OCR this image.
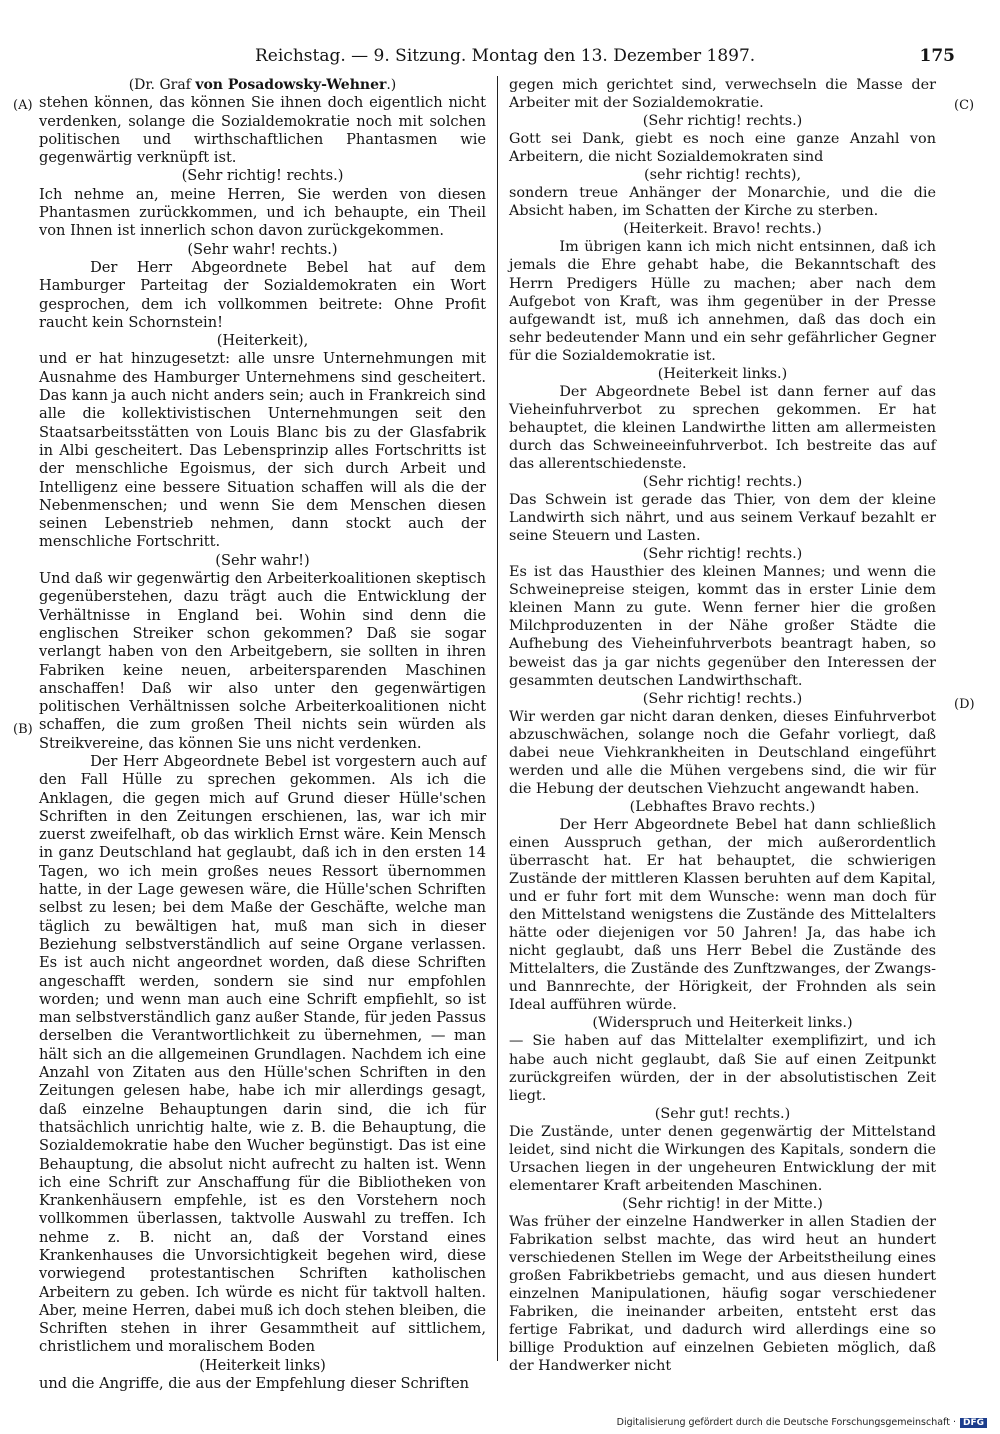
Reichstag. — 9. Sitzung. Montag den 13. Dezember 1897.	175
(A)
(B)
(C)
(D)
(Dr. Graf von Posadowsky-Wehner.)

stehen können, das können Sie ihnen doch eigentlich nicht verdenken, solange die Sozialdemokratie noch mit solchen politischen und wirthschaftlichen Phantasmen wie gegenwärtig verknüpft ist.

(Sehr richtig! rechts.)

Ich nehme an, meine Herren, Sie werden von diesen Phantasmen zurückkommen, und ich behaupte, ein Theil von Ihnen ist innerlich schon davon zurückgekommen.

(Sehr wahr! rechts.)

Der Herr Abgeordnete Bebel hat auf dem Hamburger Parteitag der Sozialdemokraten ein Wort gesprochen, dem ich vollkommen beitrete: Ohne Profit raucht kein Schornstein!

(Heiterkeit),

und er hat hinzugesetzt: alle unsre Unternehmungen mit Ausnahme des Hamburger Unternehmens sind gescheitert. Das kann ja auch nicht anders sein; auch in Frankreich sind alle die kollektivistischen Unternehmungen seit den Staatsarbeitsstätten von Louis Blanc bis zu der Glasfabrik in Albi gescheitert. Das Lebensprinzip alles Fortschritts ist der menschliche Egoismus, der sich durch Arbeit und Intelligenz eine bessere Situation schaffen will als die der Nebenmenschen; und wenn Sie dem Menschen diesen seinen Lebenstrieb nehmen, dann stockt auch der menschliche Fortschritt.

(Sehr wahr!)

Und daß wir gegenwärtig den Arbeiterkoalitionen skeptisch gegenüberstehen, dazu trägt auch die Entwicklung der Verhältnisse in England bei. Wohin sind denn die englischen Streiker schon gekommen? Daß sie sogar verlangt haben von den Arbeitgebern, sie sollten in ihren Fabriken keine neuen, arbeitersparenden Maschinen anschaffen! Daß wir also unter den gegenwärtigen politischen Verhältnissen solche Arbeiterkoalitionen nicht schaffen, die zum großen Theil nichts sein würden als Streikvereine, das können Sie uns nicht verdenken.

Der Herr Abgeordnete Bebel ist vorgestern auch auf den Fall Hülle zu sprechen gekommen. Als ich die Anklagen, die gegen mich auf Grund dieser Hülle'schen Schriften in den Zeitungen erschienen, las, war ich mir zuerst zweifelhaft, ob das wirklich Ernst wäre. Kein Mensch in ganz Deutschland hat geglaubt, daß ich in den ersten 14 Tagen, wo ich mein großes neues Ressort übernommen hatte, in der Lage gewesen wäre, die Hülle'schen Schriften selbst zu lesen; bei dem Maße der Geschäfte, welche man täglich zu bewältigen hat, muß man sich in dieser Beziehung selbstverständlich auf seine Organe verlassen. Es ist auch nicht angeordnet worden, daß diese Schriften angeschafft werden, sondern sie sind nur empfohlen worden; und wenn man auch eine Schrift empfiehlt, so ist man selbstverständlich ganz außer Stande, für jeden Passus derselben die Verantwortlichkeit zu übernehmen, — man hält sich an die allgemeinen Grundlagen. Nachdem ich eine Anzahl von Zitaten aus den Hülle'schen Schriften in den Zeitungen gelesen habe, habe ich mir allerdings gesagt, daß einzelne Behauptungen darin sind, die ich für thatsächlich unrichtig halte, wie z. B. die Behauptung, die Sozialdemokratie habe den Wucher begünstigt. Das ist eine Behauptung, die absolut nicht aufrecht zu halten ist. Wenn ich eine Schrift zur Anschaffung für die Bibliotheken von Krankenhäusern empfehle, ist es den Vorstehern noch vollkommen überlassen, taktvolle Auswahl zu treffen. Ich nehme z. B. nicht an, daß der Vorstand eines Krankenhauses die Unvorsichtigkeit begehen wird, diese vorwiegend protestantischen Schriften katholischen Arbeitern zu geben. Ich würde es nicht für taktvoll halten. Aber, meine Herren, dabei muß ich doch stehen bleiben, die Schriften stehen in ihrer Gesammtheit auf sittlichem, christlichem und moralischem Boden

(Heiterkeit links)

und die Angriffe, die aus der Empfehlung dieser Schriften

gegen mich gerichtet sind, verwechseln die Masse der Arbeiter mit der Sozialdemokratie.

(Sehr richtig! rechts.)

Gott sei Dank, giebt es noch eine ganze Anzahl von Arbeitern, die nicht Sozialdemokraten sind

(sehr richtig! rechts),

sondern treue Anhänger der Monarchie, und die die Absicht haben, im Schatten der Kirche zu sterben.

(Heiterkeit. Bravo! rechts.)

Im übrigen kann ich mich nicht entsinnen, daß ich jemals die Ehre gehabt habe, die Bekanntschaft des Herrn Predigers Hülle zu machen; aber nach dem Aufgebot von Kraft, was ihm gegenüber in der Presse aufgewandt ist, muß ich annehmen, daß das doch ein sehr bedeutender Mann und ein sehr gefährlicher Gegner für die Sozialdemokratie ist.

(Heiterkeit links.)

Der Abgeordnete Bebel ist dann ferner auf das Vieheinfuhrverbot zu sprechen gekommen. Er hat behauptet, die kleinen Landwirthe litten am allermeisten durch das Schweineeinfuhrverbot. Ich bestreite das auf das allerentschiedenste.

(Sehr richtig! rechts.)

Das Schwein ist gerade das Thier, von dem der kleine Landwirth sich nährt, und aus seinem Verkauf bezahlt er seine Steuern und Lasten.

(Sehr richtig! rechts.)

Es ist das Hausthier des kleinen Mannes; und wenn die Schweinepreise steigen, kommt das in erster Linie dem kleinen Mann zu gute. Wenn ferner hier die großen Milchproduzenten in der Nähe großer Städte die Aufhebung des Vieheinfuhrverbots beantragt haben, so beweist das ja gar nichts gegenüber den Interessen der gesammten deutschen Landwirthschaft.

(Sehr richtig! rechts.)

Wir werden gar nicht daran denken, dieses Einfuhrverbot abzuschwächen, solange noch die Gefahr vorliegt, daß dabei neue Viehkrankheiten in Deutschland eingeführt werden und alle die Mühen vergebens sind, die wir für die Hebung der deutschen Viehzucht angewandt haben.

(Lebhaftes Bravo rechts.)

Der Herr Abgeordnete Bebel hat dann schließlich einen Ausspruch gethan, der mich außerordentlich überrascht hat. Er hat behauptet, die schwierigen Zustände der mittleren Klassen beruhten auf dem Kapital, und er fuhr fort mit dem Wunsche: wenn man doch für den Mittelstand wenigstens die Zustände des Mittelalters hätte oder diejenigen vor 50 Jahren! Ja, das habe ich nicht geglaubt, daß uns Herr Bebel die Zustände des Mittelalters, die Zustände des Zunftzwanges, der Zwangs- und Bannrechte, der Hörigkeit, der Frohnden als sein Ideal aufführen würde.

(Widerspruch und Heiterkeit links.)

— Sie haben auf das Mittelalter exemplifizirt, und ich habe auch nicht geglaubt, daß Sie auf einen Zeitpunkt zurückgreifen würden, der in der absolutistischen Zeit liegt.

(Sehr gut! rechts.)

Die Zustände, unter denen gegenwärtig der Mittelstand leidet, sind nicht die Wirkungen des Kapitals, sondern die Ursachen liegen in der ungeheuren Entwicklung der mit elementarer Kraft arbeitenden Maschinen.

(Sehr richtig! in der Mitte.)

Was früher der einzelne Handwerker in allen Stadien der Fabrikation selbst machte, das wird heut an hundert verschiedenen Stellen im Wege der Arbeitstheilung eines großen Fabrikbetriebs gemacht, und aus diesen hundert einzelnen Manipulationen, häufig sogar verschiedener Fabriken, die ineinander arbeiten, entsteht erst das fertige Fabrikat, und dadurch wird allerdings eine so billige Produktion auf einzelnen Gebieten möglich, daß der Handwerker nicht

Digitalisierung gefördert durch die Deutsche Forschungsgemeinschaft · DFG
